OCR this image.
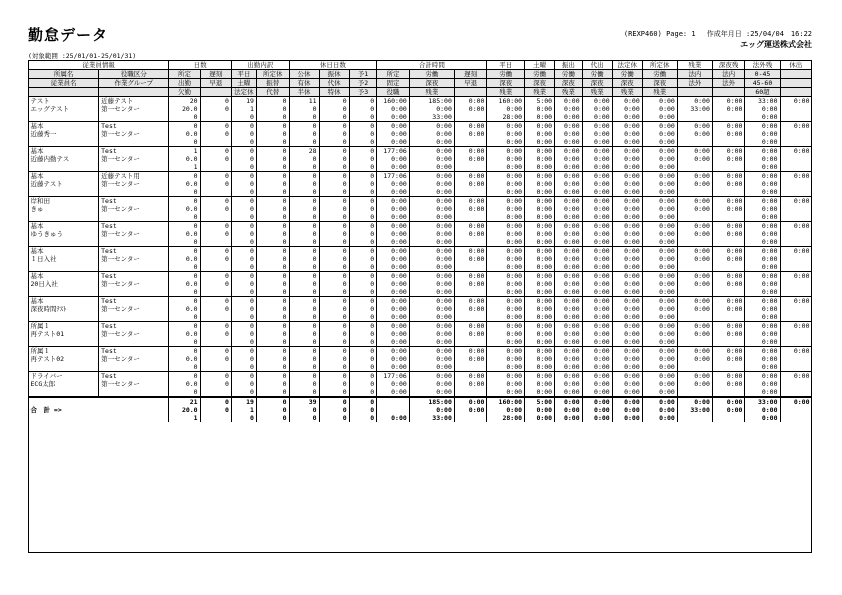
勤怠データ	(REXP460) Page: 1　 作成年月日 :25/04/04　16:22
エッグ運送株式会社
(対象範囲 :25/01/01-25/01/31)
従業員情報		日数		出勤内訳		休日日数			合計時間			平日	土曜	振出	代出	法定休	所定休	残業	深夜残	法外残	休出
所属名	役職区分	所定	遅刻	平日	所定休	公休	振休	予1	所定	労働	遅刻	労働	労働	労働	労働	労働	労働	法内	法内	0-45	
従業員名	作業グループ	出勤	早退	土曜	振替	有休	代休	予2	固定	深夜	早退	深夜	深夜	深夜	深夜	深夜	深夜	法外	法外	45-60	
		欠勤		法定休	代替	半休	特休	予3	役職	残業		残業	残業	残業	残業	残業	残業			60超	
テスト	近藤テスト	20	0	19	0	11	0	0	160:00	185:00	0:00	160:00	5:00	0:00	0:00	0:00	0:00	0:00	0:00	33:00	0:00
エッグテスト	第一センター	20.0	0	1	0	0	0	0	0:00	0:00	0:00	0:00	0:00	0:00	0:00	0:00	0:00	33:00	0:00	0:00	
		0		0	0	0	0	0	0:00	33:00		28:00	0:00	0:00	0:00	0:00	0:00			0:00	
基本	Test	0	0	0	0	0	0	0	0:00	0:00	0:00	0:00	0:00	0:00	0:00	0:00	0:00	0:00	0:00	0:00	0:00
近藤秀一	第一センター	0.0	0	0	0	0	0	0	0:00	0:00	0:00	0:00	0:00	0:00	0:00	0:00	0:00	0:00	0:00	0:00	
		0		0	0	0	0	0	0:00	0:00		0:00	0:00	0:00	0:00	0:00	0:00			0:00	
基本	Test	1	0	0	0	28	0	0	177:06	0:00	0:00	0:00	0:00	0:00	0:00	0:00	0:00	0:00	0:00	0:00	0:00
近藤内勤テス	第一センター	0.0	0	0	0	0	0	0	0:00	0:00	0:00	0:00	0:00	0:00	0:00	0:00	0:00	0:00	0:00	0:00	
		1		0	0	0	0	0	0:00	0:00		0:00	0:00	0:00	0:00	0:00	0:00			0:00	
基本	近藤テスト用	0	0	0	0	0	0	0	177:06	0:00	0:00	0:00	0:00	0:00	0:00	0:00	0:00	0:00	0:00	0:00	0:00
近藤テスト	第一センター	0.0	0	0	0	0	0	0	0:00	0:00	0:00	0:00	0:00	0:00	0:00	0:00	0:00	0:00	0:00	0:00	
		0		0	0	0	0	0	0:00	0:00		0:00	0:00	0:00	0:00	0:00	0:00			0:00	
岸和田	Test	0	0	0	0	0	0	0	0:00	0:00	0:00	0:00	0:00	0:00	0:00	0:00	0:00	0:00	0:00	0:00	0:00
きゅ	第一センター	0.0	0	0	0	0	0	0	0:00	0:00	0:00	0:00	0:00	0:00	0:00	0:00	0:00	0:00	0:00	0:00	
		0		0	0	0	0	0	0:00	0:00		0:00	0:00	0:00	0:00	0:00	0:00			0:00	
基本	Test	0	0	0	0	0	0	0	0:00	0:00	0:00	0:00	0:00	0:00	0:00	0:00	0:00	0:00	0:00	0:00	0:00
ゆうきゅう	第一センター	0.0	0	0	0	0	0	0	0:00	0:00	0:00	0:00	0:00	0:00	0:00	0:00	0:00	0:00	0:00	0:00	
		0		0	0	0	0	0	0:00	0:00		0:00	0:00	0:00	0:00	0:00	0:00			0:00	
基本	Test	0	0	0	0	0	0	0	0:00	0:00	0:00	0:00	0:00	0:00	0:00	0:00	0:00	0:00	0:00	0:00	0:00
１日入社	第一センター	0.0	0	0	0	0	0	0	0:00	0:00	0:00	0:00	0:00	0:00	0:00	0:00	0:00	0:00	0:00	0:00	
		0		0	0	0	0	0	0:00	0:00		0:00	0:00	0:00	0:00	0:00	0:00			0:00	
基本	Test	0	0	0	0	0	0	0	0:00	0:00	0:00	0:00	0:00	0:00	0:00	0:00	0:00	0:00	0:00	0:00	0:00
20日入社	第一センター	0.0	0	0	0	0	0	0	0:00	0:00	0:00	0:00	0:00	0:00	0:00	0:00	0:00	0:00	0:00	0:00	
		0		0	0	0	0	0	0:00	0:00		0:00	0:00	0:00	0:00	0:00	0:00			0:00	
基本	Test	0	0	0	0	0	0	0	0:00	0:00	0:00	0:00	0:00	0:00	0:00	0:00	0:00	0:00	0:00	0:00	0:00
深夜時間ﾃｽﾄ	第一センター	0.0	0	0	0	0	0	0	0:00	0:00	0:00	0:00	0:00	0:00	0:00	0:00	0:00	0:00	0:00	0:00	
		0		0	0	0	0	0	0:00	0:00		0:00	0:00	0:00	0:00	0:00	0:00			0:00	
所属１	Test	0	0	0	0	0	0	0	0:00	0:00	0:00	0:00	0:00	0:00	0:00	0:00	0:00	0:00	0:00	0:00	0:00
再テスト01	第一センター	0.0	0	0	0	0	0	0	0:00	0:00	0:00	0:00	0:00	0:00	0:00	0:00	0:00	0:00	0:00	0:00	
		0		0	0	0	0	0	0:00	0:00		0:00	0:00	0:00	0:00	0:00	0:00			0:00	
所属１	Test	0	0	0	0	0	0	0	0:00	0:00	0:00	0:00	0:00	0:00	0:00	0:00	0:00	0:00	0:00	0:00	0:00
再テスト02	第一センター	0.0	0	0	0	0	0	0	0:00	0:00	0:00	0:00	0:00	0:00	0:00	0:00	0:00	0:00	0:00	0:00	
		0		0	0	0	0	0	0:00	0:00		0:00	0:00	0:00	0:00	0:00	0:00			0:00	
ドライバー	Test	0	0	0	0	0	0	0	177:06	0:00	0:00	0:00	0:00	0:00	0:00	0:00	0:00	0:00	0:00	0:00	0:00
ECG太郎	第一センター	0.0	0	0	0	0	0	0	0:00	0:00	0:00	0:00	0:00	0:00	0:00	0:00	0:00	0:00	0:00	0:00	
		0		0	0	0	0	0	0:00	0:00		0:00	0:00	0:00	0:00	0:00	0:00			0:00	
		21	0	19	0	39	0	0		185:00	0:00	160:00	5:00	0:00	0:00	0:00	0:00	0:00	0:00	33:00	0:00
合　計 =>		20.0	0	1	0	0	0	0		0:00	0:00	0:00	0:00	0:00	0:00	0:00	0:00	33:00	0:00	0:00	
		1		0	0	0	0	0	0:00	33:00		28:00	0:00	0:00	0:00	0:00	0:00			0:00	
